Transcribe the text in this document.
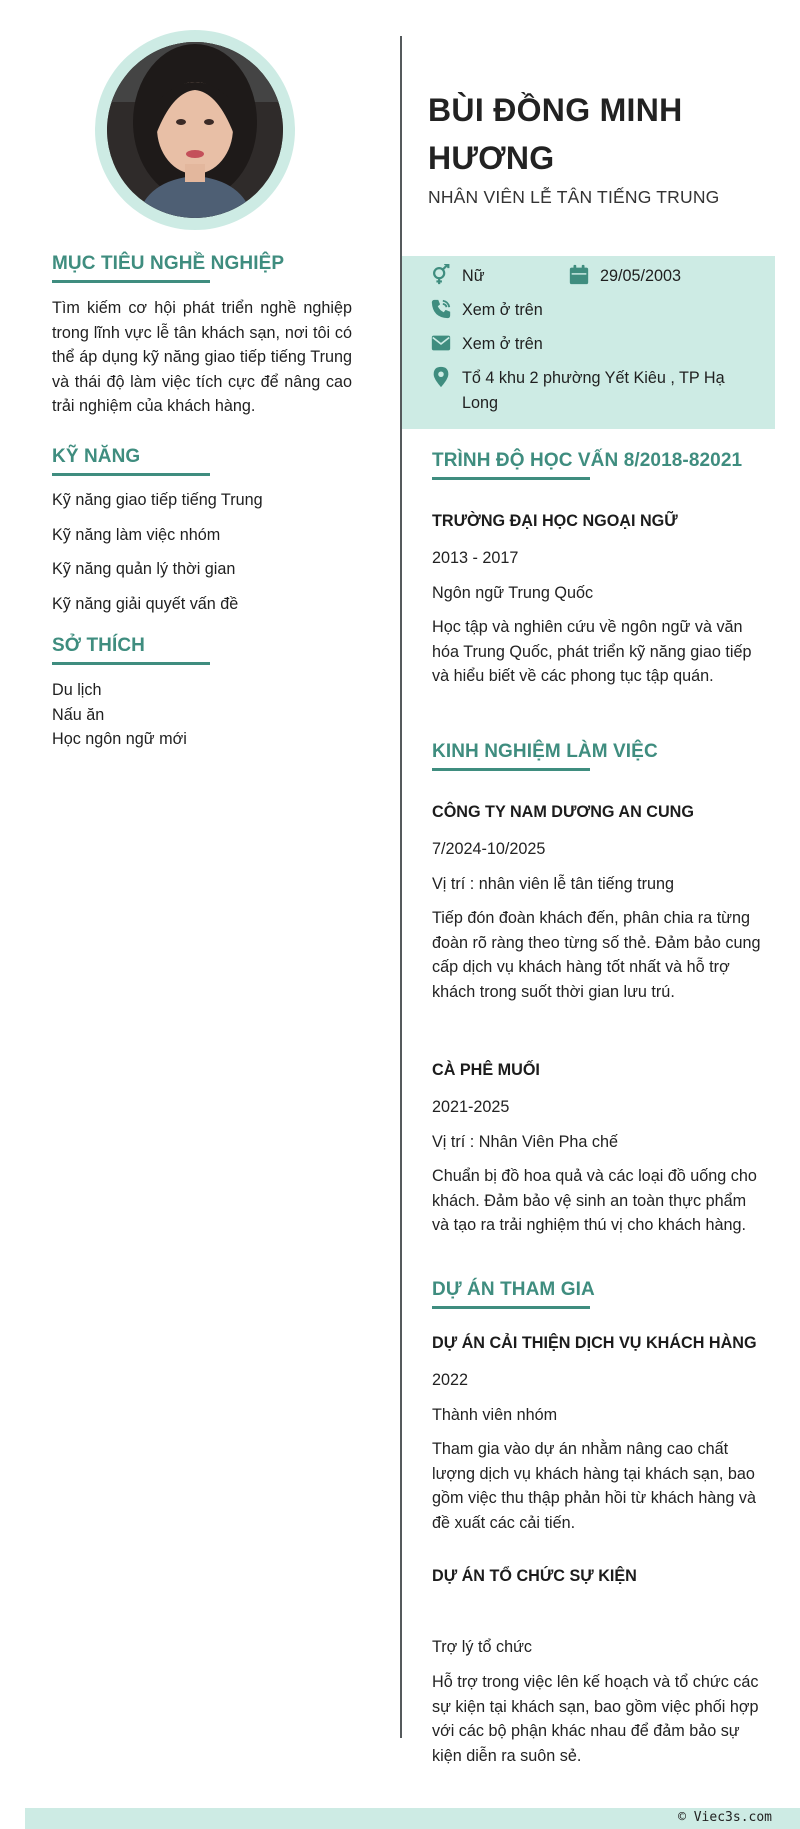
MỤC TIÊU NGHỀ NGHIỆP
Tìm kiếm cơ hội phát triển nghề nghiệp trong lĩnh vực lễ tân khách sạn, nơi tôi có thể áp dụng kỹ năng giao tiếp tiếng Trung và thái độ làm việc tích cực để nâng cao trải nghiệm của khách hàng.
KỸ NĂNG
Kỹ năng giao tiếp tiếng Trung
Kỹ năng làm việc nhóm
Kỹ năng quản lý thời gian
Kỹ năng giải quyết vấn đề
SỞ THÍCH
Du lịch
Nấu ăn
Học ngôn ngữ mới
BÙI ĐỒNG MINH HƯƠNG
NHÂN VIÊN LỄ TÂN TIẾNG TRUNG
Nữ	29/05/2003
Xem ở trên
Xem ở trên
Tổ 4 khu 2 phường Yết Kiêu , TP Hạ Long
TRÌNH ĐỘ HỌC VẤN 8/2018-82021
TRƯỜNG ĐẠI HỌC NGOẠI NGỮ
2013 - 2017
Ngôn ngữ Trung Quốc
Học tập và nghiên cứu về ngôn ngữ và văn hóa Trung Quốc, phát triển kỹ năng giao tiếp và hiểu biết về các phong tục tập quán.
KINH NGHIỆM LÀM VIỆC
CÔNG TY NAM DƯƠNG AN CUNG
7/2024-10/2025
Vị trí : nhân viên lễ tân tiếng trung
Tiếp đón đoàn khách đến, phân chia ra từng đoàn rõ ràng theo từng số thẻ. Đảm bảo cung cấp dịch vụ khách hàng tốt nhất và hỗ trợ khách trong suốt thời gian lưu trú.
CÀ PHÊ MUỐI
2021-2025
Vị trí : Nhân Viên Pha chế
Chuẩn bị đồ hoa quả và các loại đồ uống cho khách. Đảm bảo vệ sinh an toàn thực phẩm và tạo ra trải nghiệm thú vị cho khách hàng.
DỰ ÁN THAM GIA
DỰ ÁN CẢI THIỆN DỊCH VỤ KHÁCH HÀNG
2022
Thành viên nhóm
Tham gia vào dự án nhằm nâng cao chất lượng dịch vụ khách hàng tại khách sạn, bao gồm việc thu thập phản hồi từ khách hàng và đề xuất các cải tiến.
DỰ ÁN TỔ CHỨC SỰ KIỆN
Trợ lý tổ chức
Hỗ trợ trong việc lên kế hoạch và tổ chức các sự kiện tại khách sạn, bao gồm việc phối hợp với các bộ phận khác nhau để đảm bảo sự kiện diễn ra suôn sẻ.
© Viec3s.com
